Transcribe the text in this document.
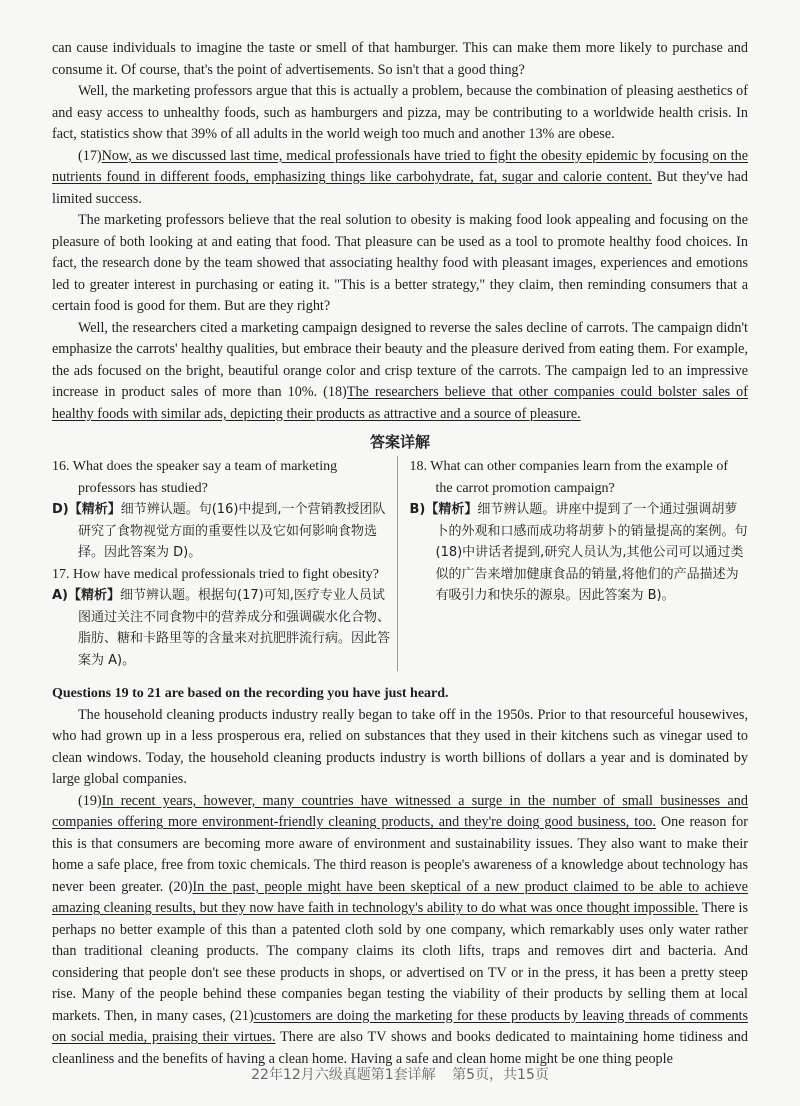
can cause individuals to imagine the taste or smell of that hamburger. This can make them more likely to purchase and consume it. Of course, that's the point of advertisements. So isn't that a good thing?

Well, the marketing professors argue that this is actually a problem, because the combination of pleasing aesthetics of and easy access to unhealthy foods, such as hamburgers and pizza, may be contributing to a worldwide health crisis. In fact, statistics show that 39% of all adults in the world weigh too much and another 13% are obese.

(17)Now, as we discussed last time, medical professionals have tried to fight the obesity epidemic by focusing on the nutrients found in different foods, emphasizing things like carbohydrate, fat, sugar and calorie content. But they've had limited success.

The marketing professors believe that the real solution to obesity is making food look appealing and focusing on the pleasure of both looking at and eating that food. That pleasure can be used as a tool to promote healthy food choices. In fact, the research done by the team showed that associating healthy food with pleasant images, experiences and emotions led to greater interest in purchasing or eating it. "This is a better strategy," they claim, then reminding consumers that a certain food is good for them. But are they right?

Well, the researchers cited a marketing campaign designed to reverse the sales decline of carrots. The campaign didn't emphasize the carrots' healthy qualities, but embrace their beauty and the pleasure derived from eating them. For example, the ads focused on the bright, beautiful orange color and crisp texture of the carrots. The campaign led to an impressive increase in product sales of more than 10%. (18)The researchers believe that other companies could bolster sales of healthy foods with similar ads, depicting their products as attractive and a source of pleasure.

答案详解
16. What does the speaker say a team of marketing professors has studied?
D)【精析】细节辨认题。句(16)中提到,一个营销教授团队研究了食物视觉方面的重要性以及它如何影响食物选择。因此答案为 D)。
17. How have medical professionals tried to fight obesity?
A)【精析】细节辨认题。根据句(17)可知,医疗专业人员试图通过关注不同食物中的营养成分和强调碳水化合物、脂肪、糖和卡路里等的含量来对抗肥胖流行病。因此答案为 A)。
18. What can other companies learn from the example of the carrot promotion campaign?
B)【精析】细节辨认题。讲座中提到了一个通过强调胡萝卜的外观和口感而成功将胡萝卜的销量提高的案例。句(18)中讲话者提到,研究人员认为,其他公司可以通过类似的广告来增加健康食品的销量,将他们的产品描述为有吸引力和快乐的源泉。因此答案为 B)。
Questions 19 to 21 are based on the recording you have just heard.

The household cleaning products industry really began to take off in the 1950s. Prior to that resourceful housewives, who had grown up in a less prosperous era, relied on substances that they used in their kitchens such as vinegar used to clean windows. Today, the household cleaning products industry is worth billions of dollars a year and is dominated by large global companies.

(19)In recent years, however, many countries have witnessed a surge in the number of small businesses and companies offering more environment-friendly cleaning products, and they're doing good business, too. One reason for this is that consumers are becoming more aware of environment and sustainability issues. They also want to make their home a safe place, free from toxic chemicals. The third reason is people's awareness of a knowledge about technology has never been greater. (20)In the past, people might have been skeptical of a new product claimed to be able to achieve amazing cleaning results, but they now have faith in technology's ability to do what was once thought impossible. There is perhaps no better example of this than a patented cloth sold by one company, which remarkably uses only water rather than traditional cleaning products. The company claims its cloth lifts, traps and removes dirt and bacteria. And considering that people don't see these products in shops, or advertised on TV or in the press, it has been a pretty steep rise. Many of the people behind these companies began testing the viability of their products by selling them at local markets. Then, in many cases, (21)customers are doing the marketing for these products by leaving threads of comments on social media, praising their virtues. There are also TV shows and books dedicated to maintaining home tidiness and cleanliness and the benefits of having a clean home. Having a safe and clean home might be one thing people

22年12月六级真题第1套详解 第5页，共15页
